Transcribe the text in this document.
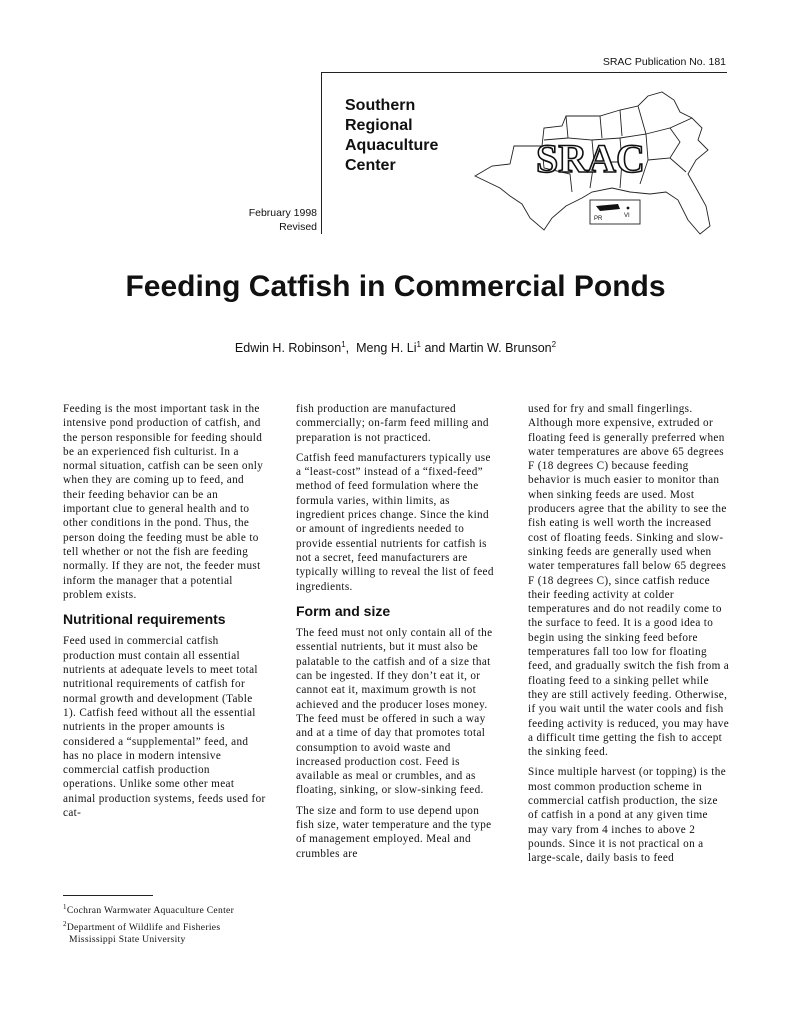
SRAC Publication No. 181
Southern
Regional
Aquaculture
Center	SRAC
PR	VI
February 1998
Revised
Feeding Catfish in Commercial Ponds
Edwin H. Robinson$^1$,  Meng H. Li$^1$ and Martin W. Brunson$^2$

Feeding is the most important task in the intensive pond production of catfish, and the person responsible for feeding should be an experienced fish culturist. In a normal situation, catfish can be seen only when they are coming up to feed, and their feeding behavior can be an important clue to general health and to other conditions in the pond. Thus, the person doing the feeding must be able to tell whether or not the fish are feeding normally. If they are not, the feeder must inform the manager that a potential problem exists.

Nutritional requirements

Feed used in commercial catfish production must contain all essential nutrients at adequate levels to meet total nutritional requirements of catfish for normal growth and development (Table 1). Catfish feed without all the essential nutrients in the proper amounts is considered a “supplemental” feed, and has no place in modern intensive commercial catfish production operations. Unlike some other meat animal production systems, feeds used for cat-

fish production are manufactured commercially; on-farm feed milling and preparation is not practiced.

Catfish feed manufacturers typically use a “least-cost” instead of a “fixed-feed” method of feed formulation where the formula varies, within limits, as ingredient prices change. Since the kind or amount of ingredients needed to provide essential nutrients for catfish is not a secret, feed manufacturers are typically willing to reveal the list of feed ingredients.

Form and size

The feed must not only contain all of the essential nutrients, but it must also be palatable to the catfish and of a size that can be ingested. If they don’t eat it, or cannot eat it, maximum growth is not achieved and the producer loses money. The feed must be offered in such a way and at a time of day that promotes total consumption to avoid waste and increased production cost. Feed is available as meal or crumbles, and as floating, sinking, or slow-sinking feed.

The size and form to use depend upon fish size, water temperature and the type of management employed. Meal and crumbles are

used for fry and small fingerlings. Although more expensive, extruded or floating feed is generally preferred when water temperatures are above 65 degrees F (18 degrees C) because feeding behavior is much easier to monitor than when sinking feeds are used. Most producers agree that the ability to see the fish eating is well worth the increased cost of floating feeds. Sinking and slow-sinking feeds are generally used when water temperatures fall below 65 degrees F (18 degrees C), since catfish reduce their feeding activity at colder temperatures and do not readily come to the surface to feed. It is a good idea to begin using the sinking feed before temperatures fall too low for floating feed, and gradually switch the fish from a floating feed to a sinking pellet while they are still actively feeding. Otherwise, if you wait until the water cools and fish feeding activity is reduced, you may have a difficult time getting the fish to accept the sinking feed.

Since multiple harvest (or topping) is the most common production scheme in commercial catfish production, the size of catfish in a pond at any given time may vary from 4 inches to above 2 pounds. Since it is not practical on a large-scale, daily basis to feed

$^1$Cochran Warmwater Aquaculture Center
$^2$Department of Wildlife and Fisheries
Mississippi State University
